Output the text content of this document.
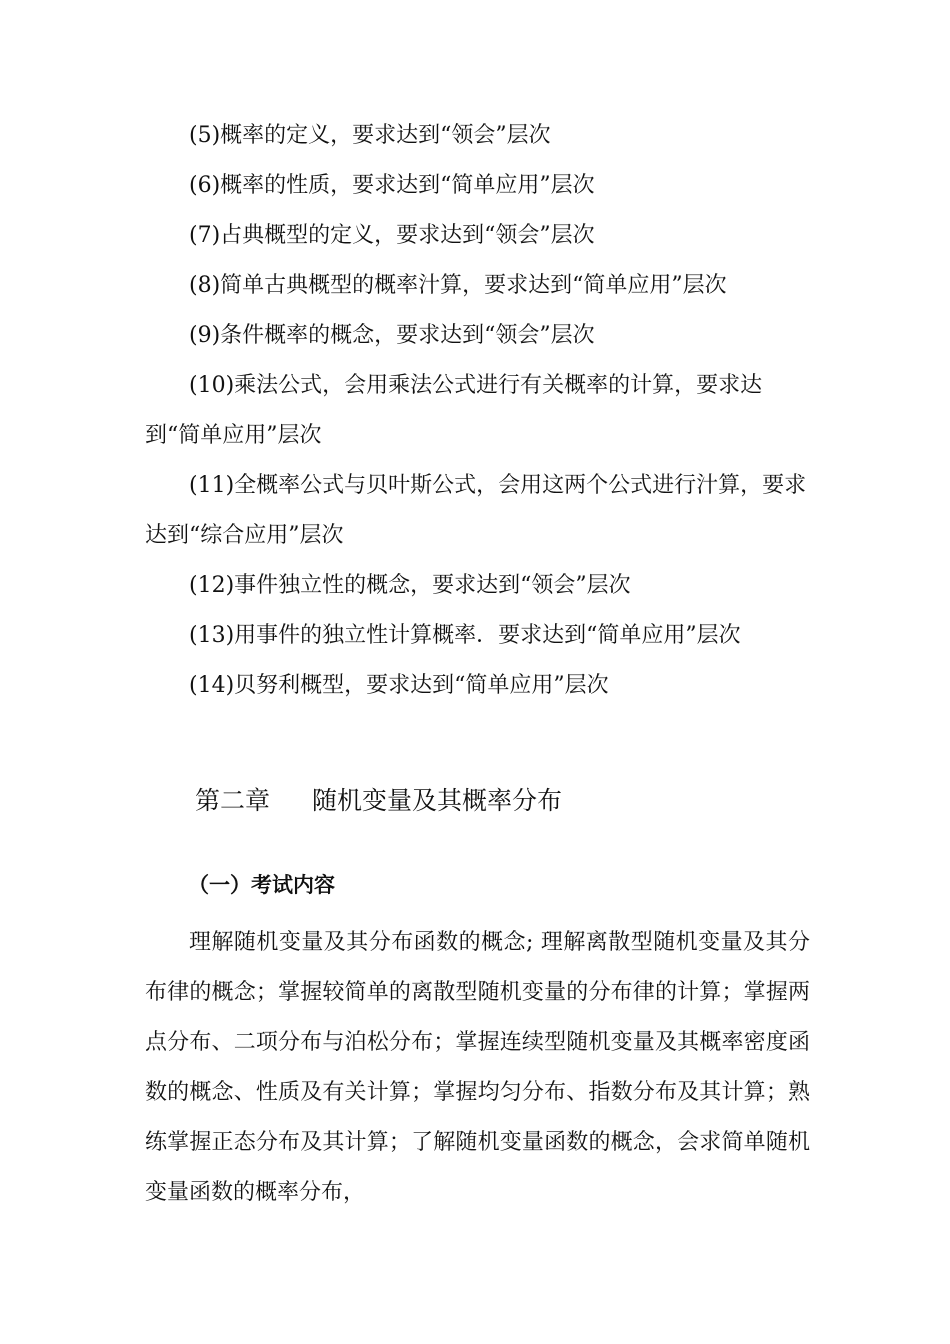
(5)概率的定义，要求达到“领会”层次

(6)概率的性质，要求达到“简单应用”层次

(7)占典概型的定义，要求达到“领会”层次

(8)简单古典概型的概率汁算，要求达到“简单应用”层次

(9)条件概率的概念，要求达到“领会”层次

(10)乘法公式，会用乘法公式进行有关概率的计算，要求达到“简单应用”层次

(11)全概率公式与贝叶斯公式，会用这两个公式进行汁算，要求达到“综合应用”层次

(12)事件独立性的概念，要求达到“领会”层次

(13)用事件的独立性计算概率．要求达到“简单应用”层次

(14)贝努利概型，要求达到“简单应用”层次

第二章 随机变量及其概率分布
（一）考试内容

理解随机变量及其分布函数的概念; 理解离散型随机变量及其分布律的概念；掌握较简单的离散型随机变量的分布律的计算；掌握两点分布、二项分布与泊松分布；掌握连续型随机变量及其概率密度函数的概念、性质及有关计算；掌握均匀分布、指数分布及其计算；熟练掌握正态分布及其计算；了解随机变量函数的概念，会求简单随机变量函数的概率分布，
